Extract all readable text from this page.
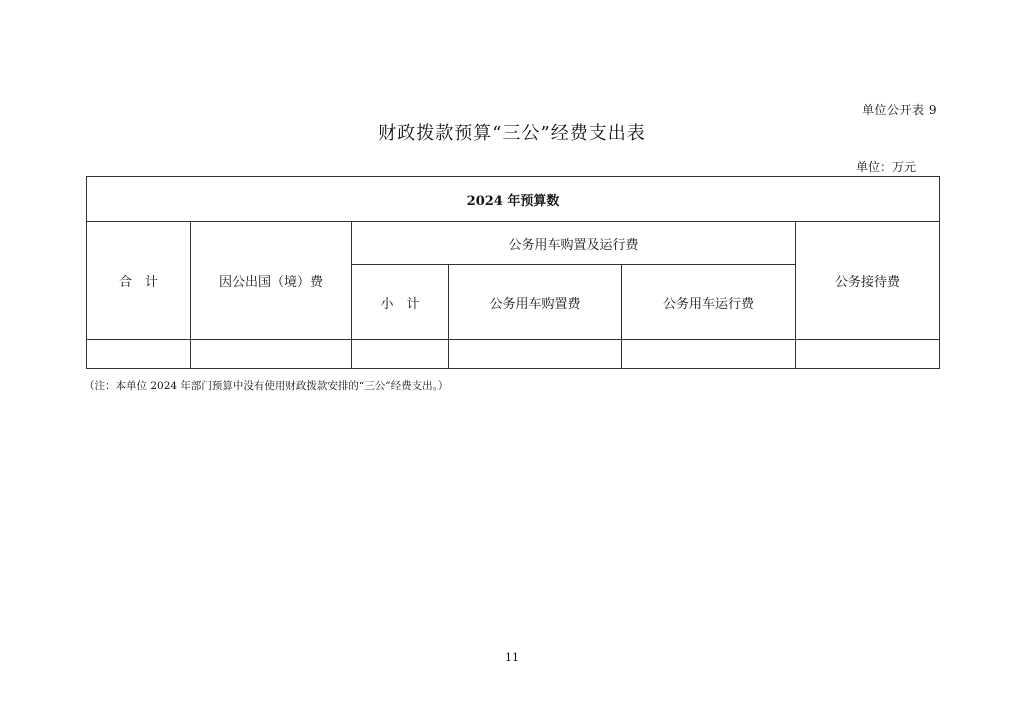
单位公开表 9
财政拨款预算“三公”经费支出表
单位：万元
2024 年预算数					
合　计	因公出国（境）费	公务用车购置及运行费			公务接待费
		小　计	公务用车购置费	公务用车运行费	

（注：本单位 2024 年部门预算中没有使用财政拨款安排的“三公”经费支出。）
11
